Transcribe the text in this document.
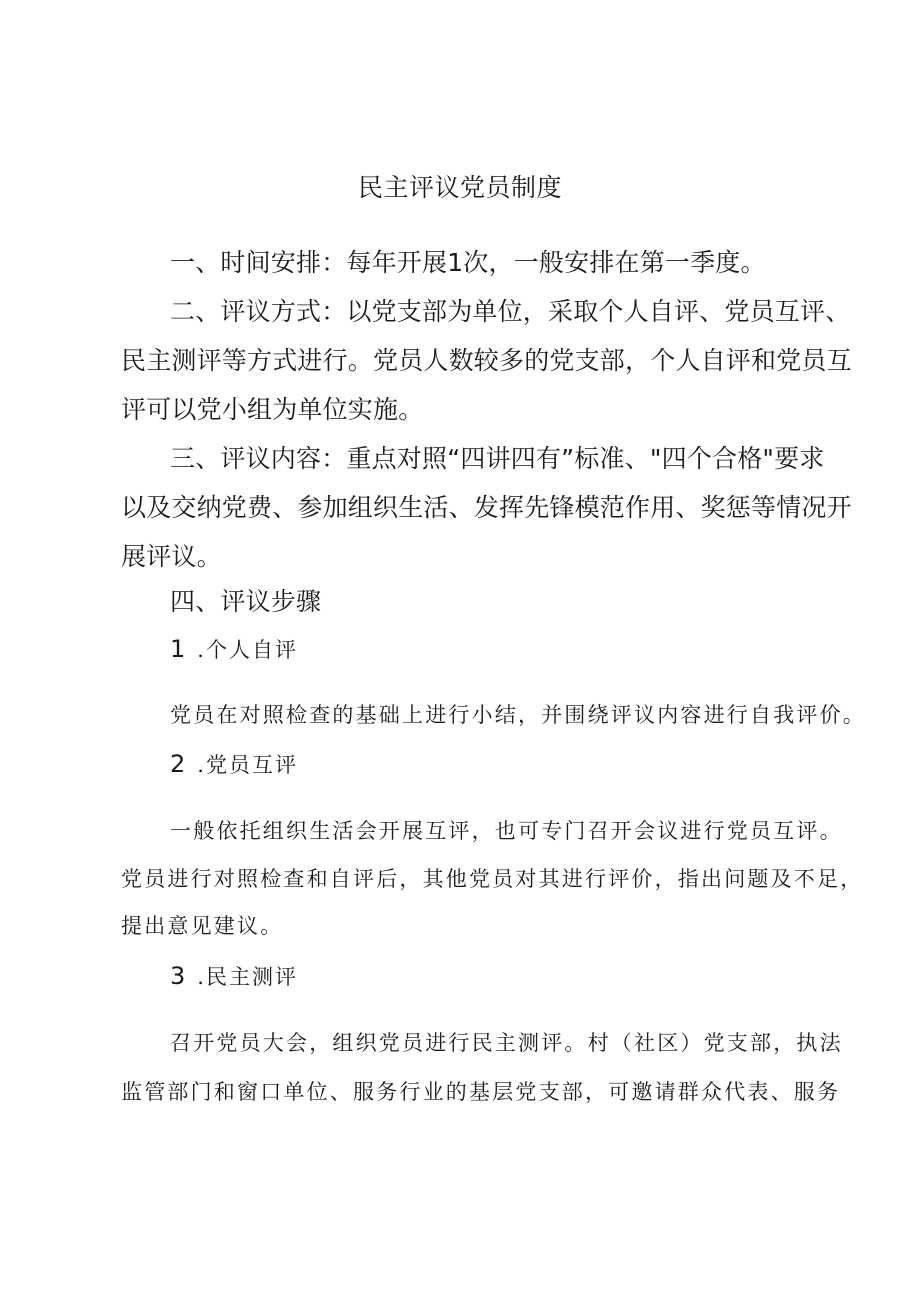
民主评议党员制度
一、时间安排：每年开展1次，一般安排在第一季度。
二、评议方式：以党支部为单位，采取个人自评、党员互评、
民主测评等方式进行。党员人数较多的党支部，个人自评和党员互
评可以党小组为单位实施。
三、评议内容：重点对照“四讲四有”标准、"四个合格"要求
以及交纳党费、参加组织生活、发挥先锋模范作用、奖惩等情况开
展评议。
四、评议步骤
1 .个人自评
党员在对照检查的基础上进行小结，并围绕评议内容进行自我评价。
2 .党员互评
一般依托组织生活会开展互评，也可专门召开会议进行党员互评。
党员进行对照检查和自评后，其他党员对其进行评价，指出问题及不足，
提出意见建议。
3 .民主测评
召开党员大会，组织党员进行民主测评。村（社区）党支部，执法
监管部门和窗口单位、服务行业的基层党支部，可邀请群众代表、服务
